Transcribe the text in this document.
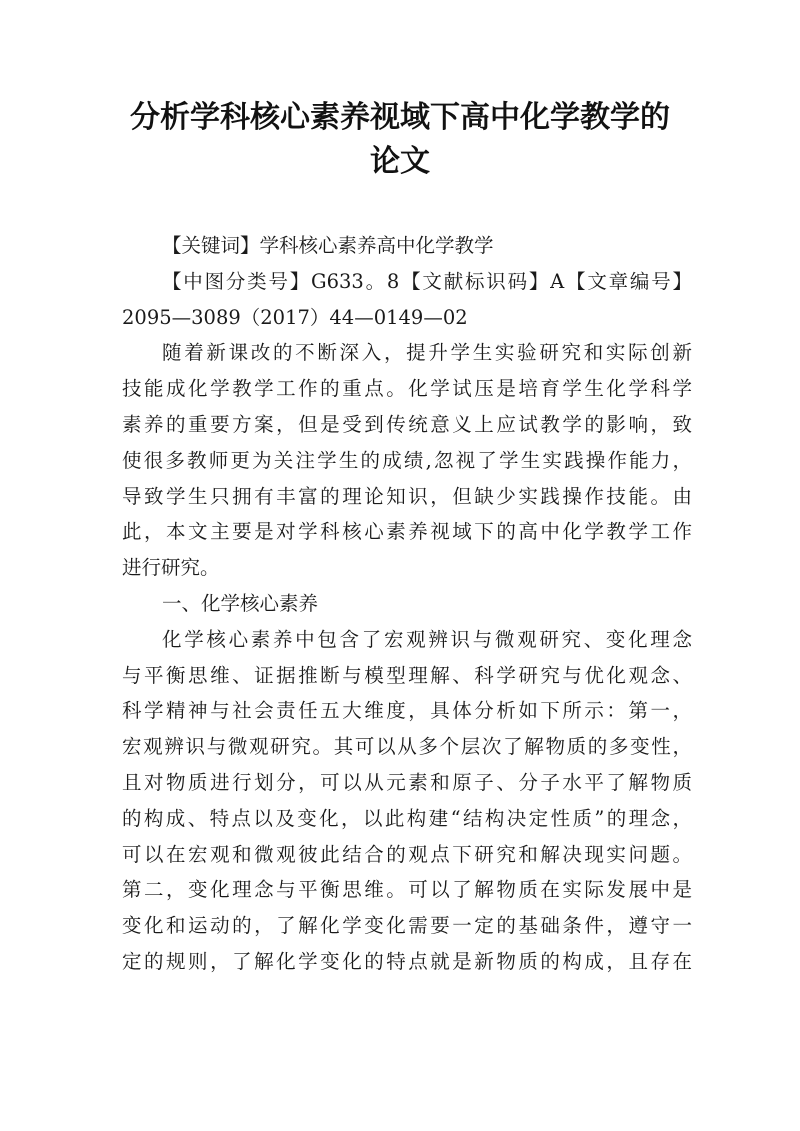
分析学科核心素养视域下高中化学教学的
论文
【关键词】学科核心素养高中化学教学
【中图分类号】G633。8【文献标识码】A【文章编号】
2095—3089（2017）44—0149—02
随着新课改的不断深入，提升学生实验研究和实际创新
技能成化学教学工作的重点。化学试压是培育学生化学科学
素养的重要方案，但是受到传统意义上应试教学的影响，致
使很多教师更为关注学生的成绩,忽视了学生实践操作能力，
导致学生只拥有丰富的理论知识，但缺少实践操作技能。由
此，本文主要是对学科核心素养视域下的高中化学教学工作
进行研究。
一、化学核心素养
化学核心素养中包含了宏观辨识与微观研究、变化理念
与平衡思维、证据推断与模型理解、科学研究与优化观念、
科学精神与社会责任五大维度，具体分析如下所示：第一，
宏观辨识与微观研究。其可以从多个层次了解物质的多变性，
且对物质进行划分，可以从元素和原子、分子水平了解物质
的构成、特点以及变化，以此构建“结构决定性质”的理念，
可以在宏观和微观彼此结合的观点下研究和解决现实问题。
第二，变化理念与平衡思维。可以了解物质在实际发展中是
变化和运动的，了解化学变化需要一定的基础条件，遵守一
定的规则，了解化学变化的特点就是新物质的构成，且存在
